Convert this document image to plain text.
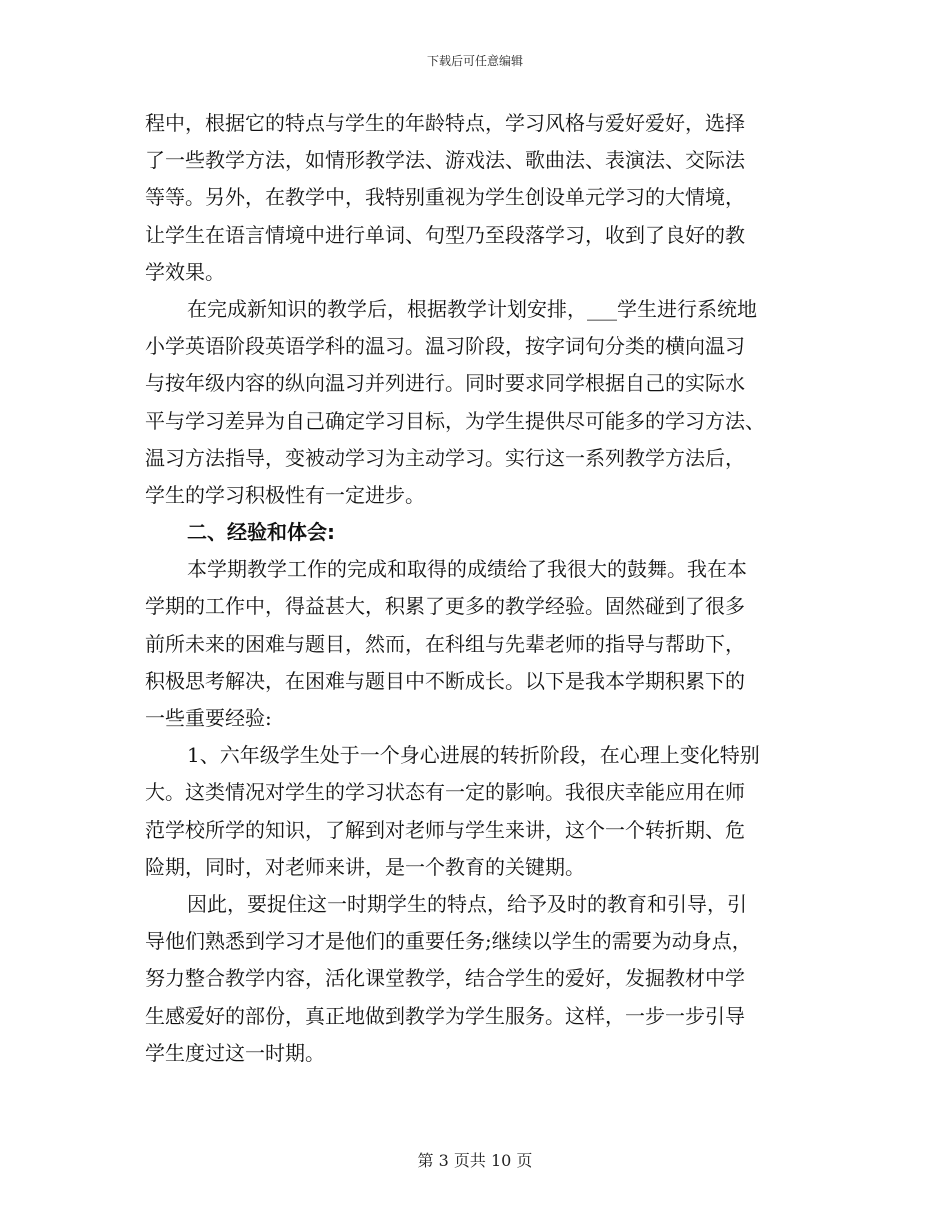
下载后可任意编辑
程中，根据它的特点与学生的年龄特点，学习风格与爱好爱好，选择
了一些教学方法，如情形教学法、游戏法、歌曲法、表演法、交际法
等等。另外，在教学中，我特别重视为学生创设单元学习的大情境，
让学生在语言情境中进行单词、句型乃至段落学习，收到了良好的教
学效果。
在完成新知识的教学后，根据教学计划安排，___学生进行系统地
小学英语阶段英语学科的温习。温习阶段，按字词句分类的横向温习
与按年级内容的纵向温习并列进行。同时要求同学根据自己的实际水
平与学习差异为自己确定学习目标，为学生提供尽可能多的学习方法、
温习方法指导，变被动学习为主动学习。实行这一系列教学方法后，
学生的学习积极性有一定进步。
二、经验和体会:
本学期教学工作的完成和取得的成绩给了我很大的鼓舞。我在本
学期的工作中，得益甚大，积累了更多的教学经验。固然碰到了很多
前所未来的困难与题目，然而，在科组与先辈老师的指导与帮助下，
积极思考解决，在困难与题目中不断成长。以下是我本学期积累下的
一些重要经验:
1、六年级学生处于一个身心进展的转折阶段，在心理上变化特别
大。这类情况对学生的学习状态有一定的影响。我很庆幸能应用在师
范学校所学的知识，了解到对老师与学生来讲，这个一个转折期、危
险期，同时，对老师来讲，是一个教育的关键期。
因此，要捉住这一时期学生的特点，给予及时的教育和引导，引
导他们熟悉到学习才是他们的重要任务;继续以学生的需要为动身点，
努力整合教学内容，活化课堂教学，结合学生的爱好，发掘教材中学
生感爱好的部份，真正地做到教学为学生服务。这样，一步一步引导
学生度过这一时期。
第 3 页共 10 页
